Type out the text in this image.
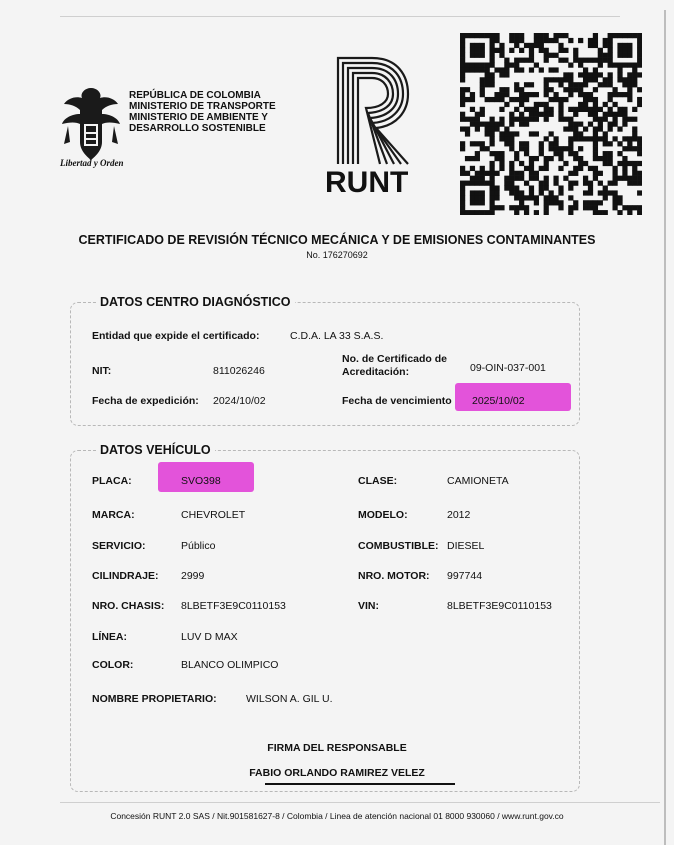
Libertad y Orden
REPÚBLICA DE COLOMBIA
MINISTERIO DE TRANSPORTE
MINISTERIO DE AMBIENTE Y
DESARROLLO SOSTENIBLE
RUNT
CERTIFICADO DE REVISIÓN TÉCNICO MECÁNICA Y DE EMISIONES CONTAMINANTES
No. 176270692
DATOS CENTRO DIAGNÓSTICO
Entidad que expide el certificado:	C.D.A. LA 33 S.A.S.
NIT:	811026246
No. de Certificado de
Acreditación:	09-OIN-037-001
Fecha de expedición: 2024/10/02	Fecha de vencimiento 2025/10/02
DATOS VEHÍCULO
PLACA:	SVO398	CLASE:	CAMIONETA
MARCA:	CHEVROLET	MODELO:	2012
SERVICIO:	Público	COMBUSTIBLE: DIESEL
CILINDRAJE: 2999	NRO. MOTOR: 997744
NRO. CHASIS: 8LBETF3E9C0110153	VIN:	8LBETF3E9C0110153
LÍNEA:	LUV D MAX
COLOR:	BLANCO OLIMPICO
NOMBRE PROPIETARIO:	WILSON A. GIL U.
FIRMA DEL RESPONSABLE
FABIO ORLANDO RAMIREZ VELEZ
Concesión RUNT 2.0 SAS / Nit.901581627-8 / Colombia / Linea de atención nacional 01 8000 930060 / www.runt.gov.co
